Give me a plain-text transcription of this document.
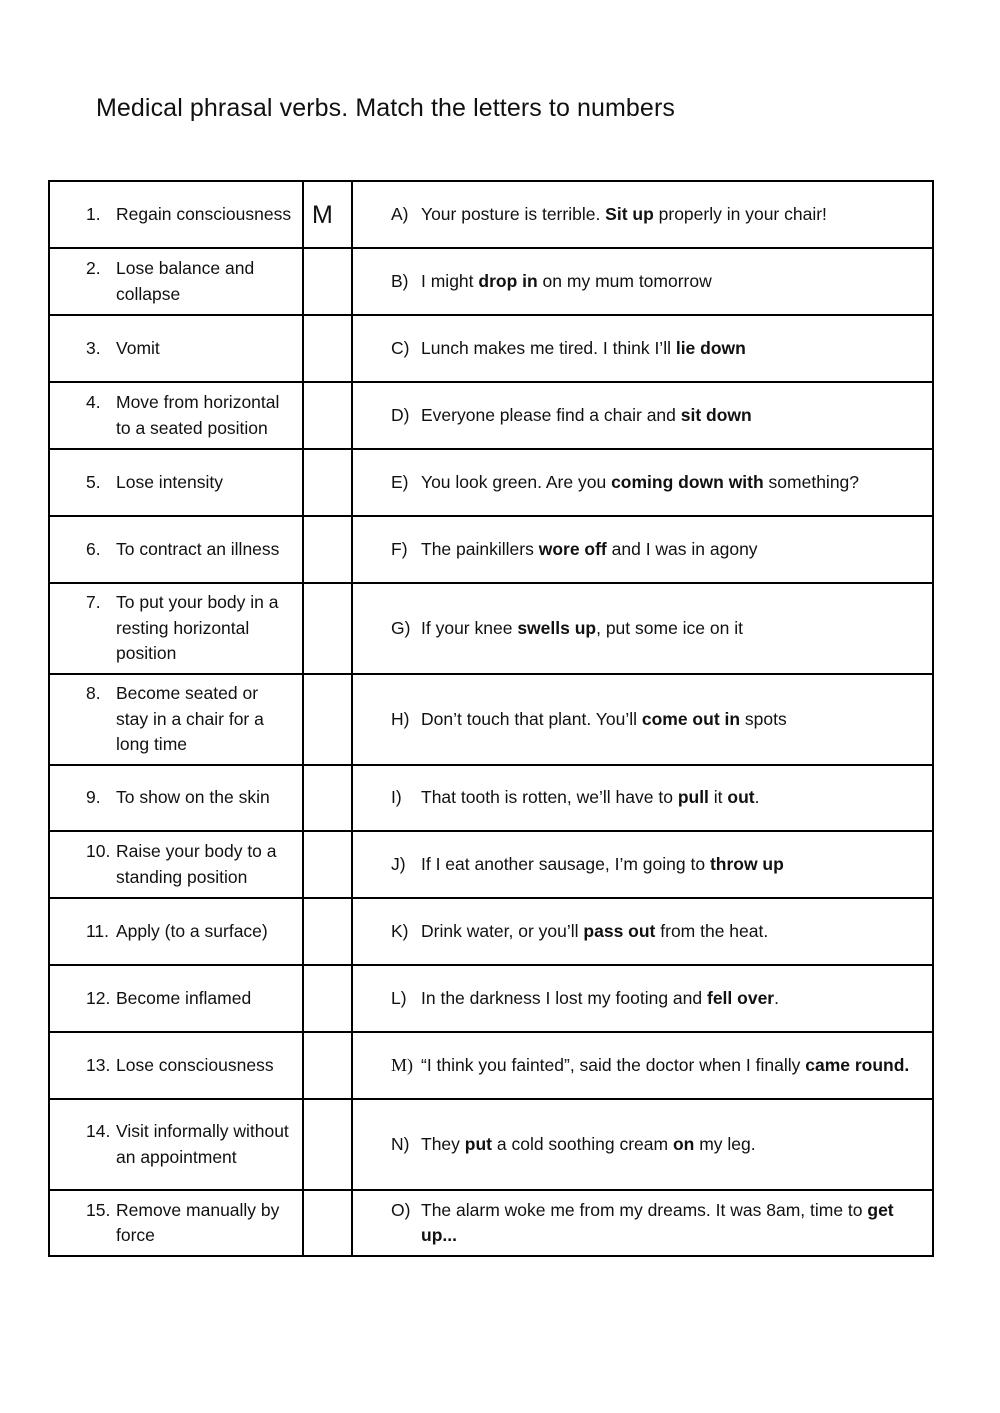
Medical phrasal verbs. Match the letters to numbers
1. Regain consciousness	M	A) Your posture is terrible. Sit up properly in your chair!

2. Lose balance and collapse		B) I might drop in on my mum tomorrow

3. Vomit		C) Lunch makes me tired. I think I’ll lie down

4. Move from horizontal to a seated position		D) Everyone please find a chair and sit down

5. Lose intensity		E) You look green. Are you coming down with something?

6. To contract an illness		F) The painkillers wore off and I was in agony

7. To put your body in a resting horizontal position		G) If your knee swells up, put some ice on it

8. Become seated or stay in a chair for a long time		H) Don’t touch that plant. You’ll come out in spots

9. To show on the skin		I) That tooth is rotten, we’ll have to pull it out.

10. Raise your body to a standing position		J) If I eat another sausage, I’m going to throw up

11. Apply (to a surface)		K) Drink water, or you’ll pass out from the heat.

12. Become inflamed		L) In the darkness I lost my footing and fell over.

13. Lose consciousness		M) “I think you fainted”, said the doctor when I finally came round.

14. Visit informally without an appointment		N) They put a cold soothing cream on my leg.

15. Remove manually by force		O) The alarm woke me from my dreams. It was 8am, time to get up...
